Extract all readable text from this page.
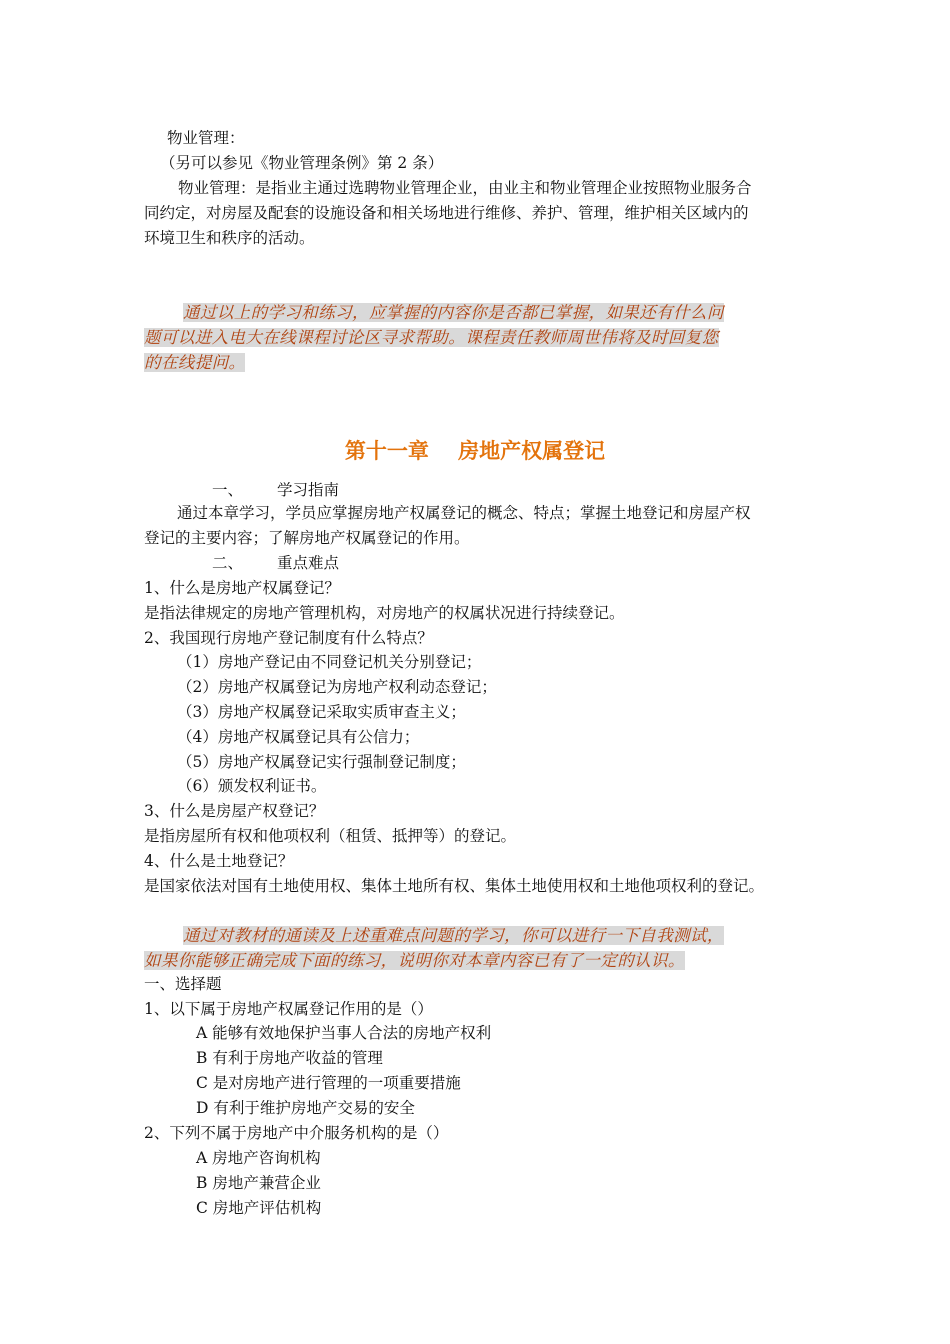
物业管理：
（另可以参见《物业管理条例》第 2 条）
物业管理：是指业主通过选聘物业管理企业，由业主和物业管理企业按照物业服务合
同约定，对房屋及配套的设施设备和相关场地进行维修、养护、管理，维护相关区域内的
环境卫生和秩序的活动。
通过以上的学习和练习，应掌握的内容你是否都已掌握，如果还有什么问
题可以进入电大在线课程讨论区寻求帮助。课程责任教师周世伟将及时回复您
的在线提问。
第十一章    房地产权属登记
一、 学习指南
通过本章学习，学员应掌握房地产权属登记的概念、特点；掌握土地登记和房屋产权
登记的主要内容；了解房地产权属登记的作用。
二、 重点难点
1、什么是房地产权属登记？
是指法律规定的房地产管理机构，对房地产的权属状况进行持续登记。
2、我国现行房地产登记制度有什么特点？
（1）房地产登记由不同登记机关分别登记；
（2）房地产权属登记为房地产权利动态登记；
（3）房地产权属登记采取实质审查主义；
（4）房地产权属登记具有公信力；
（5）房地产权属登记实行强制登记制度；
（6）颁发权利证书。
3、什么是房屋产权登记？
是指房屋所有权和他项权利（租赁、抵押等）的登记。
4、什么是土地登记？
是国家依法对国有土地使用权、集体土地所有权、集体土地使用权和土地他项权利的登记。
通过对教材的通读及上述重难点问题的学习，你可以进行一下自我测试，
如果你能够正确完成下面的练习，说明你对本章内容已有了一定的认识。
一、选择题
1、以下属于房地产权属登记作用的是（）
A 能够有效地保护当事人合法的房地产权利
B 有利于房地产收益的管理
C 是对房地产进行管理的一项重要措施
D 有利于维护房地产交易的安全
2、下列不属于房地产中介服务机构的是（）
A 房地产咨询机构
B 房地产兼营企业
C 房地产评估机构
